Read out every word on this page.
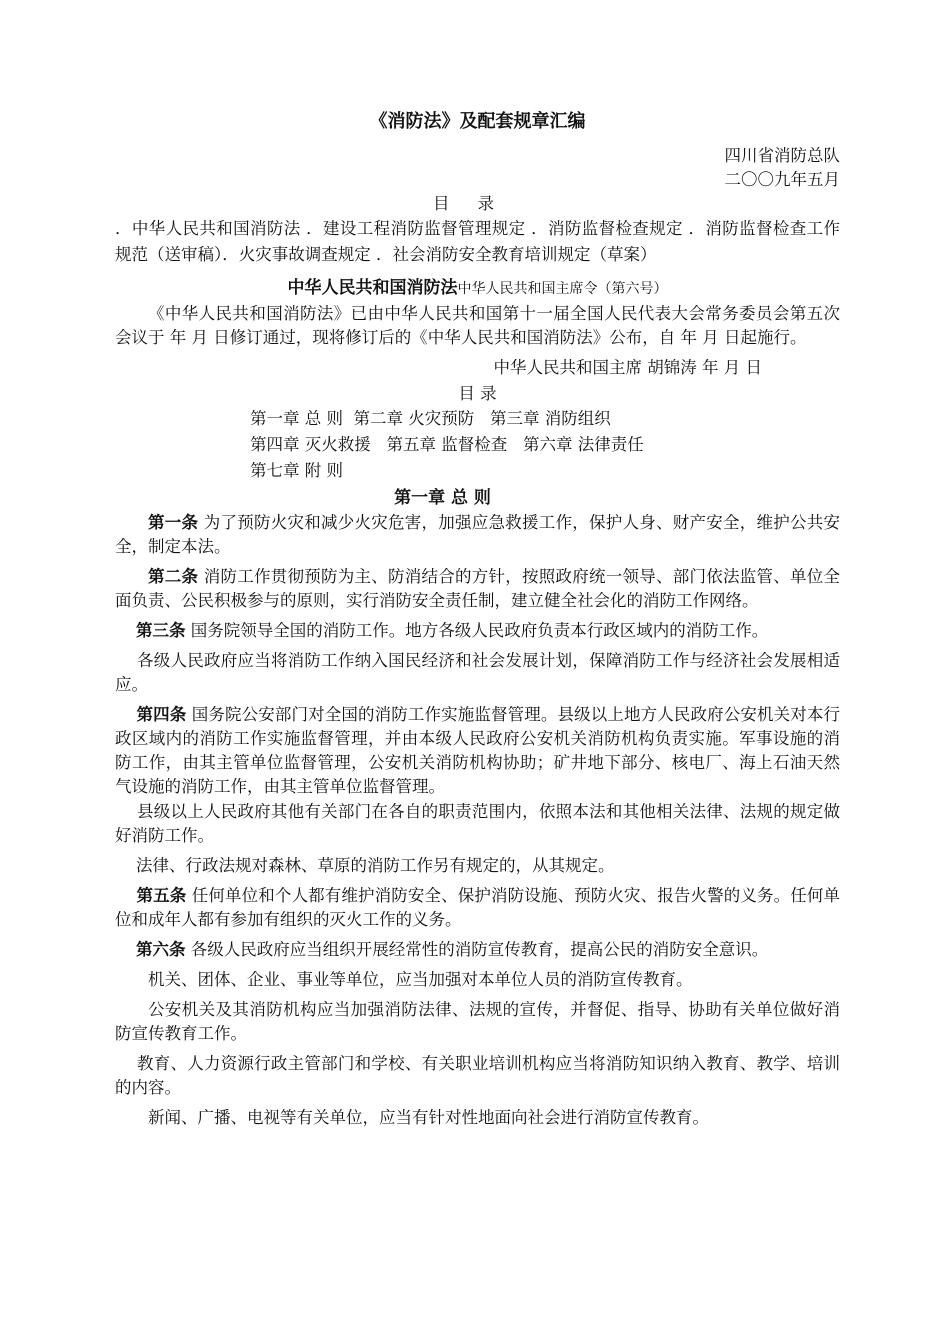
《消防法》及配套规章汇编
四川省消防总队
二〇〇九年五月
目录
．中华人民共和国消防法 ．建设工程消防监督管理规定 ．消防监督检查规定 ．消防监督检查工作规范（送审稿）．火灾事故调查规定 ．社会消防安全教育培训规定（草案）
中华人民共和国消防法中华人民共和国主席令（第六号）
《中华人民共和国消防法》已由中华人民共和国第十一届全国人民代表大会常务委员会第五次会议于 年 月 日修订通过，现将修订后的《中华人民共和国消防法》公布，自 年 月 日起施行。
中华人民共和国主席 胡锦涛 年 月 日
目 录
第一章 总 则 第二章 火灾预防 第三章 消防组织
第四章 灭火救援 第五章 监督检查 第六章 法律责任
第七章 附 则
第一章 总 则
第一条 为了预防火灾和减少火灾危害，加强应急救援工作，保护人身、财产安全，维护公共安全，制定本法。
第二条 消防工作贯彻预防为主、防消结合的方针，按照政府统一领导、部门依法监管、单位全面负责、公民积极参与的原则，实行消防安全责任制，建立健全社会化的消防工作网络。
第三条 国务院领导全国的消防工作。地方各级人民政府负责本行政区域内的消防工作。
各级人民政府应当将消防工作纳入国民经济和社会发展计划，保障消防工作与经济社会发展相适应。
第四条 国务院公安部门对全国的消防工作实施监督管理。县级以上地方人民政府公安机关对本行政区域内的消防工作实施监督管理，并由本级人民政府公安机关消防机构负责实施。军事设施的消防工作，由其主管单位监督管理，公安机关消防机构协助；矿井地下部分、核电厂、海上石油天然气设施的消防工作，由其主管单位监督管理。
县级以上人民政府其他有关部门在各自的职责范围内，依照本法和其他相关法律、法规的规定做好消防工作。
法律、行政法规对森林、草原的消防工作另有规定的，从其规定。
第五条 任何单位和个人都有维护消防安全、保护消防设施、预防火灾、报告火警的义务。任何单位和成年人都有参加有组织的灭火工作的义务。
第六条 各级人民政府应当组织开展经常性的消防宣传教育，提高公民的消防安全意识。
机关、团体、企业、事业等单位，应当加强对本单位人员的消防宣传教育。
公安机关及其消防机构应当加强消防法律、法规的宣传，并督促、指导、协助有关单位做好消防宣传教育工作。
教育、人力资源行政主管部门和学校、有关职业培训机构应当将消防知识纳入教育、教学、培训的内容。
新闻、广播、电视等有关单位，应当有针对性地面向社会进行消防宣传教育。
